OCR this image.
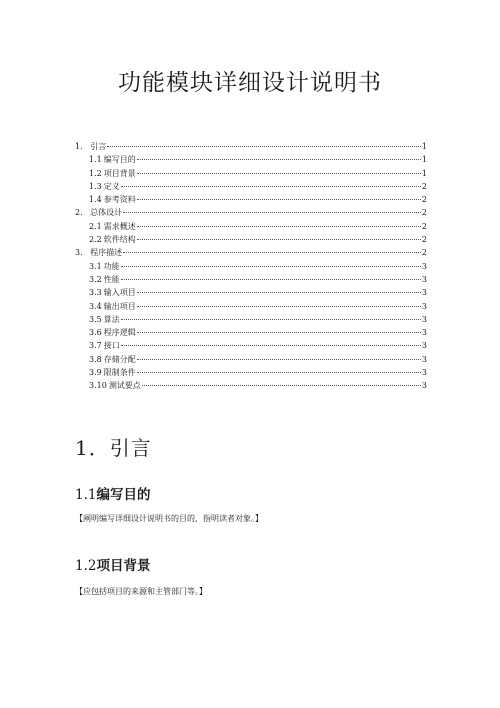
功能模块详细设计说明书
1． 引言	1
1.1 编写目的	1
1.2 项目背景	1
1.3 定义	2
1.4 参考资料	2
2． 总体设计	2
2.1 需求概述	2
2.2 软件结构	2
3． 程序描述	2
3.1 功能	3
3.2 性能	3
3.3 输入项目	3
3.4 输出项目	3
3.5 算法	3
3.6 程序逻辑	3
3.7 接口	3
3.8 存储分配	3
3.9 限制条件	3
3.10 测试要点	3
1．引言
1.1编写目的

【阐明编写详细设计说明书的目的，指明读者对象。】

1.2项目背景

【应包括项目的来源和主管部门等。】
